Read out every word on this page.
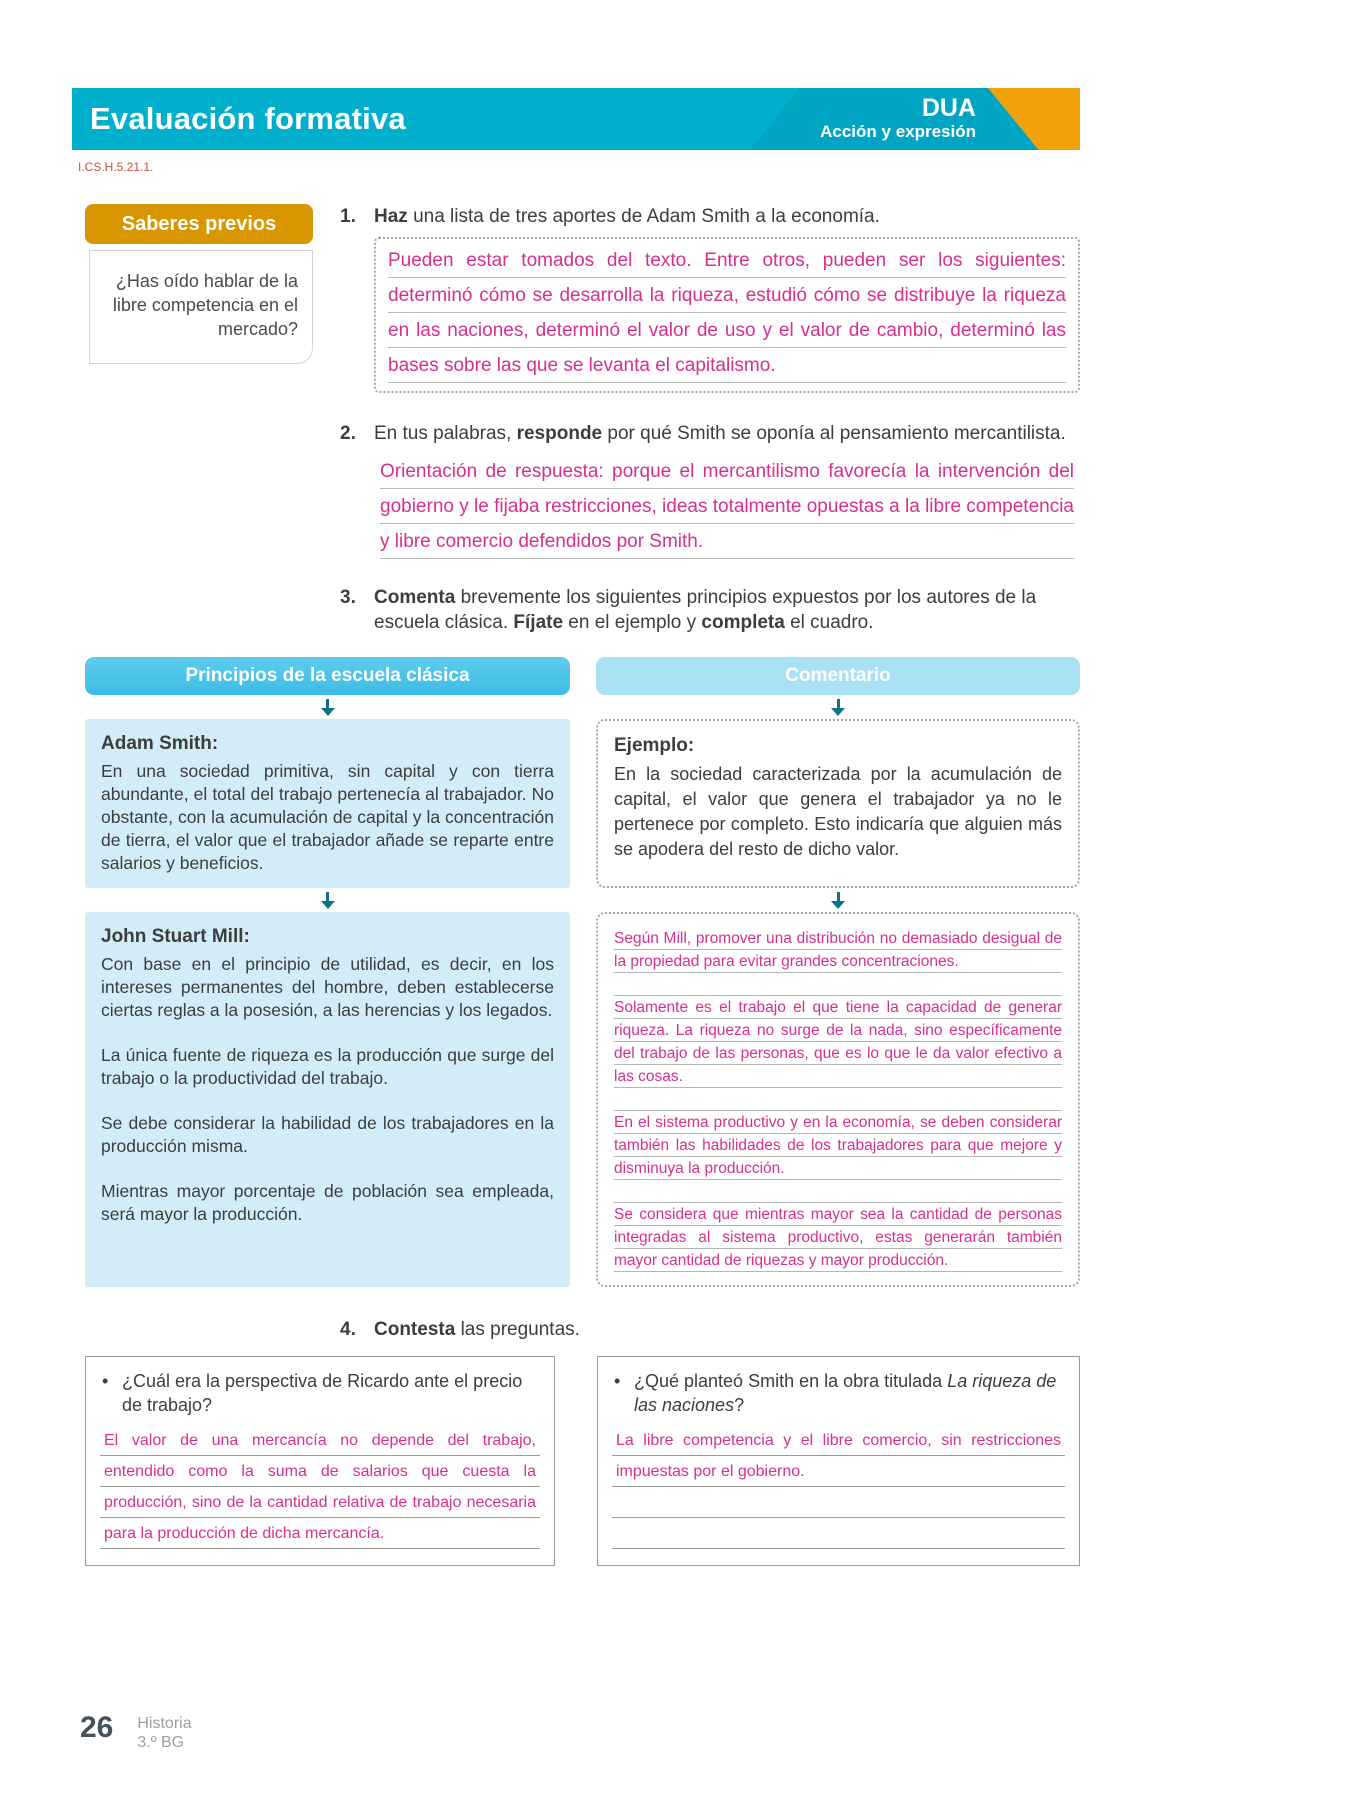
Evaluación formativa	DUA
Acción y expresión
I.CS.H.5.21.1.
Saberes previos
¿Has oído hablar de la libre competencia en el mercado?
1. Haz una lista de tres aportes de Adam Smith a la economía.
Pueden estar tomados del texto. Entre otros, pueden ser los siguientes: determinó cómo se desarrolla la riqueza, estudió cómo se distribuye la riqueza en las naciones, determinó el valor de uso y el valor de cambio, determinó las bases sobre las que se levanta el capitalismo.
2. En tus palabras, responde por qué Smith se oponía al pensamiento mercantilista.
Orientación de respuesta: porque el mercantilismo favorecía la intervención del gobierno y le fijaba restricciones, ideas totalmente opuestas a la libre competencia y libre comercio defendidos por Smith.
3. Comenta brevemente los siguientes principios expuestos por los autores de la escuela clásica. Fíjate en el ejemplo y completa el cuadro.
Principios de la escuela clásica	Comentario
Adam Smith:
En una sociedad primitiva, sin capital y con tierra abundante, el total del trabajo pertenecía al trabajador. No obstante, con la acumulación de capital y la concentración de tierra, el valor que el trabajador añade se reparte entre salarios y beneficios.
Ejemplo:
En la sociedad caracterizada por la acumulación de capital, el valor que genera el trabajador ya no le pertenece por completo. Esto indicaría que alguien más se apodera del resto de dicho valor.
John Stuart Mill:
Con base en el principio de utilidad, es decir, en los intereses permanentes del hombre, deben establecerse ciertas reglas a la posesión, a las herencias y los legados.
La única fuente de riqueza es la producción que surge del trabajo o la productividad del trabajo.
Se debe considerar la habilidad de los trabajadores en la producción misma.
Mientras mayor porcentaje de población sea empleada, será mayor la producción.
Según Mill, promover una distribución no demasiado desigual de la propiedad para evitar grandes concentraciones.
Solamente es el trabajo el que tiene la capacidad de generar riqueza. La riqueza no surge de la nada, sino específicamente del trabajo de las personas, que es lo que le da valor efectivo a las cosas.
En el sistema productivo y en la economía, se deben considerar también las habilidades de los trabajadores para que mejore y disminuya la producción.
Se considera que mientras mayor sea la cantidad de personas integradas al sistema productivo, estas generarán también mayor cantidad de riquezas y mayor producción.
4. Contesta las preguntas.
• ¿Cuál era la perspectiva de Ricardo ante el precio de trabajo?
El valor de una mercancía no depende del trabajo, entendido como la suma de salarios que cuesta la producción, sino de la cantidad relativa de trabajo necesaria para la producción de dicha mercancía.
• ¿Qué planteó Smith en la obra titulada La riqueza de las naciones?
La libre competencia y el libre comercio, sin restricciones impuestas por el gobierno.
26 Historia
3.º BG
